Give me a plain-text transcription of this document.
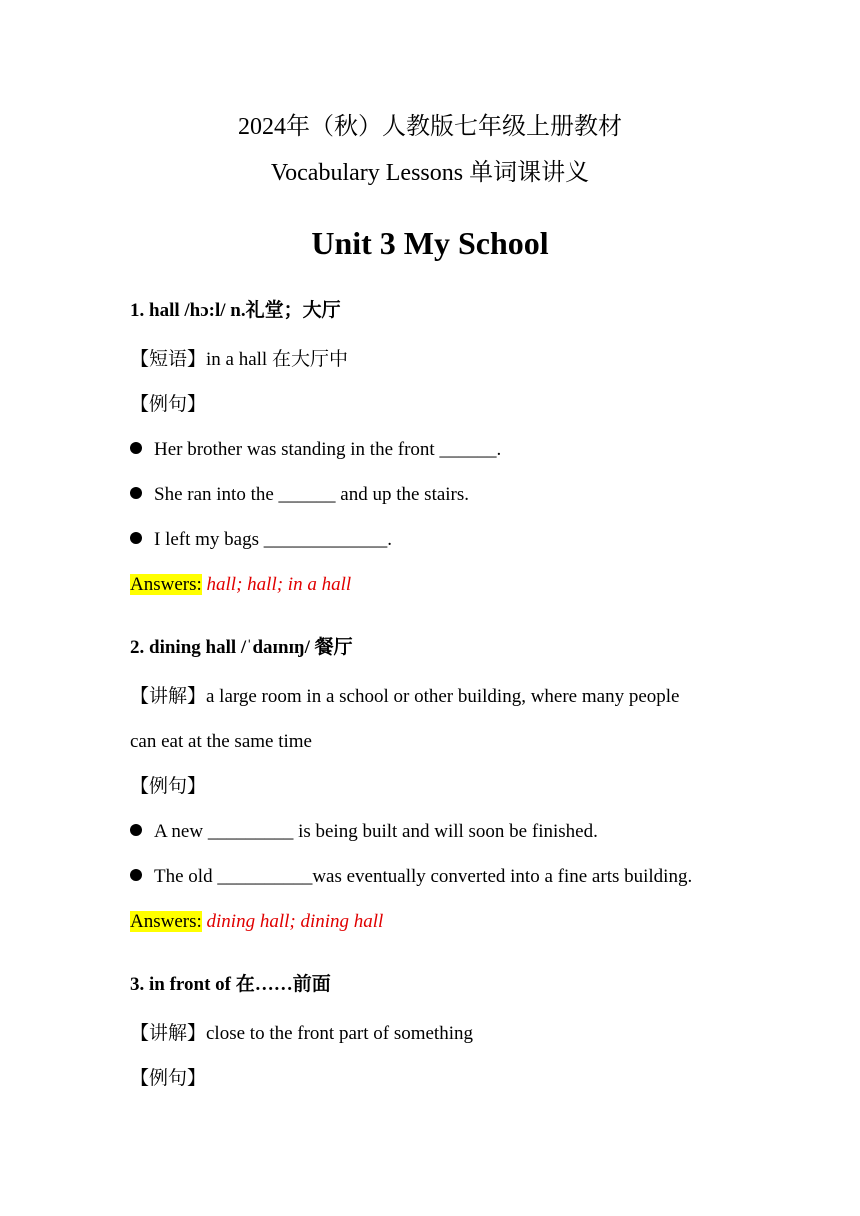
2024年（秋）人教版七年级上册教材
Vocabulary Lessons 单词课讲义
Unit 3 My School
1. hall /hɔ:l/ n.礼堂；大厅
【短语】in a hall 在大厅中
【例句】
Her brother was standing in the front ______.
She ran into the ______ and up the stairs.
I left my bags _____________.
Answers: hall; hall; in a hall
2. dining hall /ˈdaɪnɪŋ/ 餐厅
【讲解】a large room in a school or other building, where many people
can eat at the same time
【例句】
A new _________ is being built and will soon be finished.
The old __________was eventually converted into a fine arts building.
Answers: dining hall; dining hall
3. in front of 在……前面
【讲解】close to the front part of something
【例句】
